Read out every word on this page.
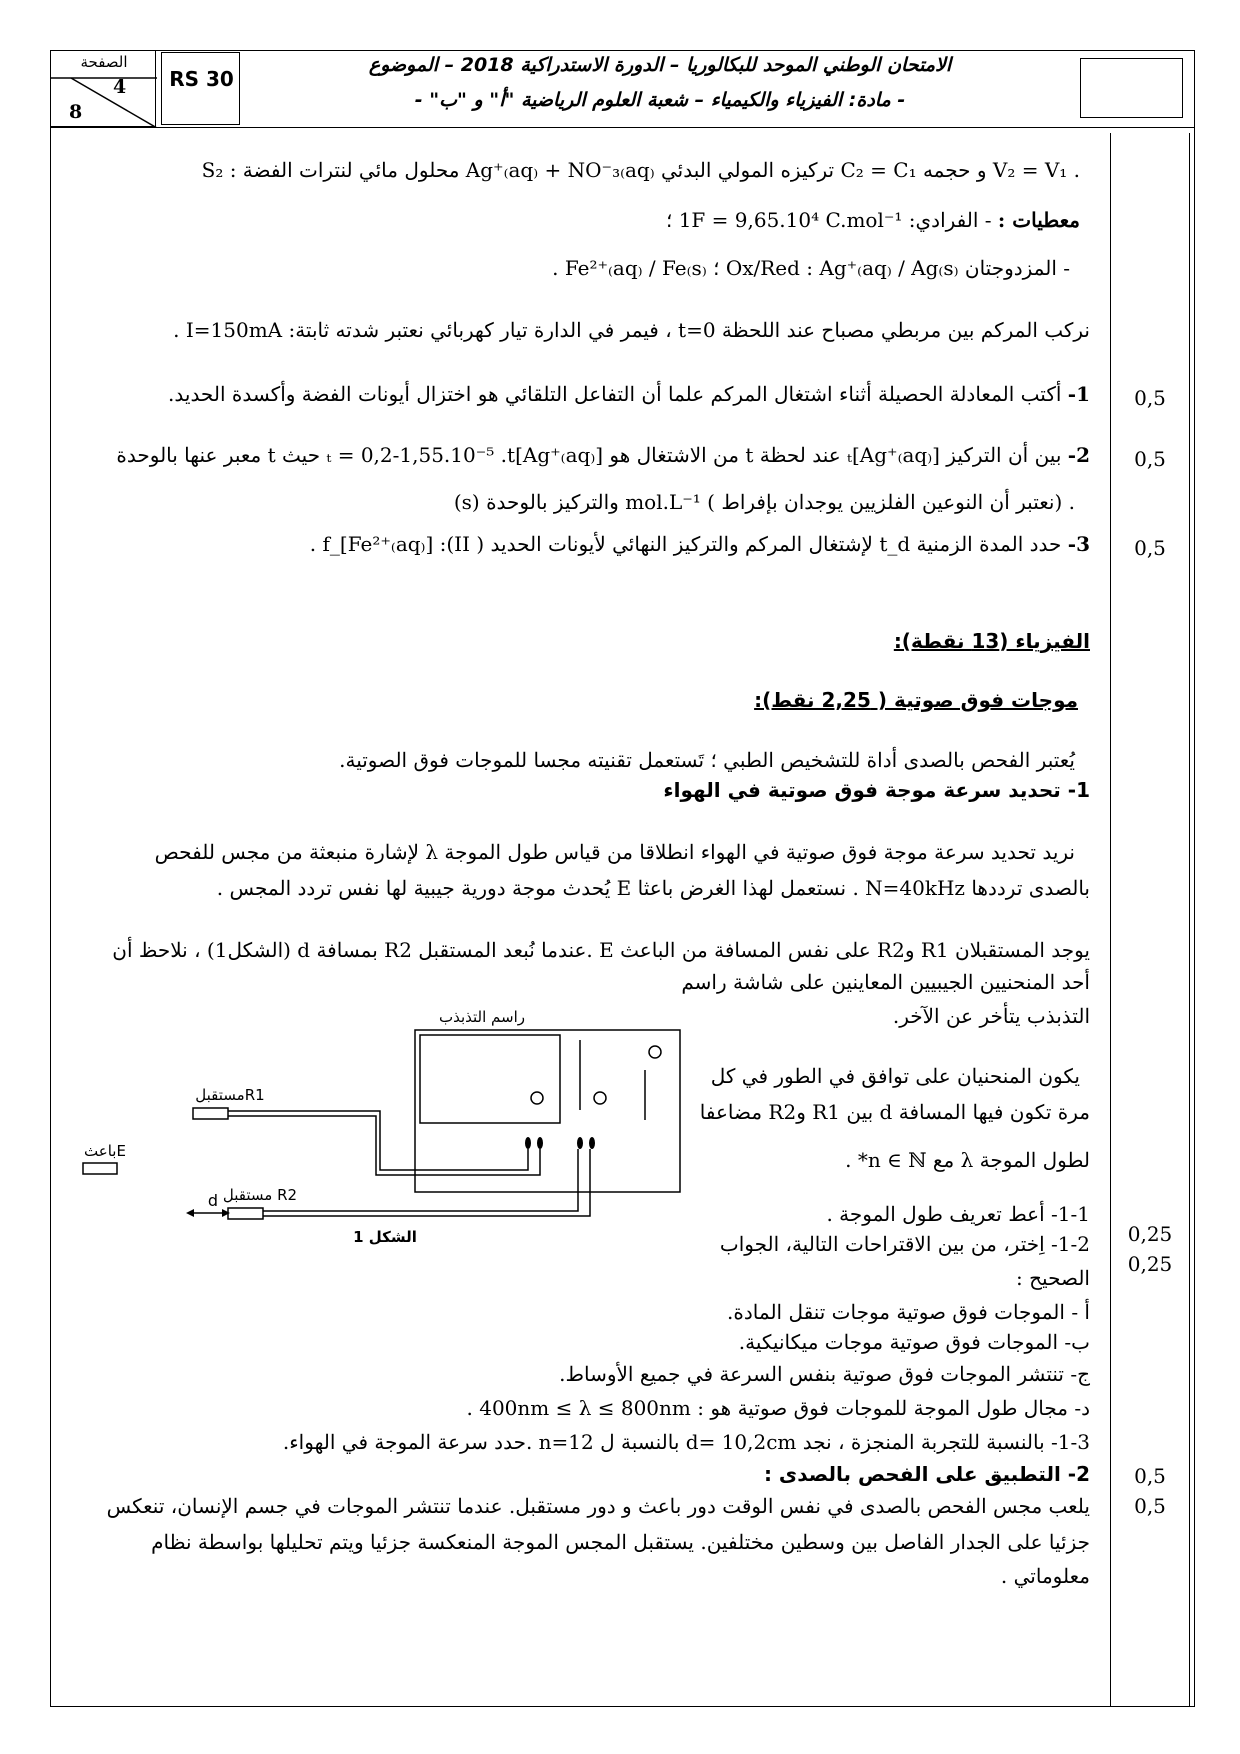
الصفحة
4
8
RS 30
الامتحان الوطني الموحد للبكالوريا – الدورة الاستدراكية 2018 – الموضوع
- مادة: الفيزياء والكيمياء – شعبة العلوم الرياضية "أ" و "ب" -
S₂ : محلول مائي لنترات الفضة Ag⁺₍aq₎ + NO⁻₃₍aq₎ تركيزه المولي البدئي C₂ = C₁ و حجمه V₂ = V₁ .
معطيات : - الفرادي: 1F = 9,65.10⁴ C.mol⁻¹ ؛
- المزدوجتان Ox/Red : Ag⁺₍aq₎ / Ag₍s₎ ؛ Fe²⁺₍aq₎ / Fe₍s₎ .
نركب المركم بين مربطي مصباح عند اللحظة t=0 ، فيمر في الدارة تيار كهربائي نعتبر شدته ثابتة: I=150mA .
1- أكتب المعادلة الحصيلة أثناء اشتغال المركم علما أن التفاعل التلقائي هو اختزال أيونات الفضة وأكسدة الحديد.
2- بين أن التركيز [Ag⁺₍aq₎]ₜ عند لحظة t من الاشتغال هو [Ag⁺₍aq₎]ₜ = 0,2-1,55.10⁻⁵ .t حيث t معبر عنها بالوحدة
(s) والتركيز بالوحدة mol.L⁻¹ ( نعتبر أن النوعين الفلزيين يوجدان بإفراط) .
3- حدد المدة الزمنية t_d لإشتغال المركم والتركيز النهائي لأيونات الحديد ( II): [Fe²⁺₍aq₎]_f .
الفيزياء (13 نقطة):
موجات فوق صوتية ( 2,25 نقط):
يُعتبر الفحص بالصدى أداة للتشخيص الطبي ؛ تَستعمل تقنيته مجسا للموجات فوق الصوتية.
1- تحديد سرعة موجة فوق صوتية في الهواء
نريد تحديد سرعة موجة فوق صوتية في الهواء انطلاقا من قياس طول الموجة λ لإشارة منبعثة من مجس للفحص
بالصدى ترددها N=40kHz . نستعمل لهذا الغرض باعثا E يُحدث موجة دورية جيبية لها نفس تردد المجس .
يوجد المستقبلان R1 وR2 على نفس المسافة من الباعث E .عندما نُبعد المستقبل R2 بمسافة d (الشكل1) ، نلاحظ أن
أحد المنحنيين الجيبيين المعاينين على شاشة راسم
التذبذب يتأخر عن الآخر.
يكون المنحنيان على توافق في الطور في كل
مرة تكون فيها المسافة d بين R1 وR2 مضاعفا
لطول الموجة λ مع n ∈ ℕ* .
1-1- أعط تعريف طول الموجة .
1-2- اِختر، من بين الاقتراحات التالية، الجواب
الصحيح :
أ - الموجات فوق صوتية موجات تنقل المادة.
ب- الموجات فوق صوتية موجات ميكانيكية.
ج- تنتشر الموجات فوق صوتية بنفس السرعة في جميع الأوساط.
د- مجال طول الموجة للموجات فوق صوتية هو : 400nm ≤ λ ≤ 800nm .
1-3- بالنسبة للتجربة المنجزة ، نجد d= 10,2cm بالنسبة ل n=12 .حدد سرعة الموجة في الهواء.
2- التطبيق على الفحص بالصدى :
يلعب مجس الفحص بالصدى في نفس الوقت دور باعث و دور مستقبل. عندما تنتشر الموجات في جسم الإنسان، تنعكس
جزئيا على الجدار الفاصل بين وسطين مختلفين. يستقبل المجس الموجة المنعكسة جزئيا ويتم تحليلها بواسطة نظام
معلوماتي .
راسم التذبذب
مستقبلR1
مستقبل R2
باعثE
d
الشكل 1
0,5
0,5
0,5
0,25
0,25
0,5
0,5
